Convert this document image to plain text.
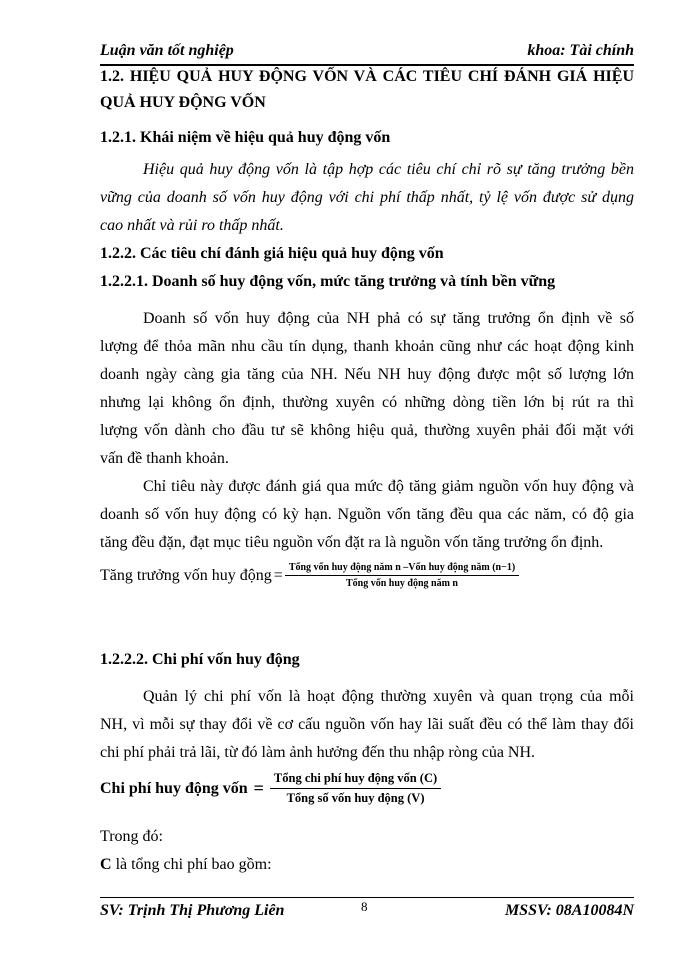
Luận văn tốt nghiệp	khoa: Tài chính
1.2. HIỆU QUẢ HUY ĐỘNG VỐN VÀ CÁC TIÊU CHÍ ĐÁNH GIÁ HIỆU
QUẢ HUY ĐỘNG VỐN
1.2.1. Khái niệm về hiệu quả huy động vốn
Hiệu quả huy động vốn là tập hợp các tiêu chí chỉ rõ sự tăng trưởng bền
vững của doanh số vốn huy động với chi phí thấp nhất, tỷ lệ vốn được sử dụng
cao nhất và rủi ro thấp nhất.
1.2.2. Các tiêu chí đánh giá hiệu quả huy động vốn
1.2.2.1. Doanh số huy động vốn, mức tăng trưởng và tính bền vững
Doanh số vốn huy động của NH phả có sự tăng trưởng ổn định về số
lượng để thỏa mãn nhu cầu tín dụng, thanh khoản cũng như các hoạt động kinh
doanh ngày càng gia tăng của NH. Nếu NH huy động được một số lượng lớn
nhưng lại không ổn định, thường xuyên có những dòng tiền lớn bị rút ra thì
lượng vốn dành cho đầu tư sẽ không hiệu quả, thường xuyên phải đối mặt với
vấn đề thanh khoản.
Chỉ tiêu này được đánh giá qua mức độ tăng giảm nguồn vốn huy động và
doanh số vốn huy động có kỳ hạn. Nguồn vốn tăng đều qua các năm, có độ gia
tăng đều đặn, đạt mục tiêu nguồn vốn đặt ra là nguồn vốn tăng trưởng ổn định.
Tăng trưởng vốn huy động = $\frac{\text{Tổng vốn huy động năm n –Vốn huy động năm (n−1)}}{\text{Tổng vốn huy động năm n}}$
1.2.2.2. Chi phí vốn huy động
Quản lý chi phí vốn là hoạt động thường xuyên và quan trọng của mỗi
NH, vì mỗi sự thay đổi về cơ cấu nguồn vốn hay lãi suất đều có thể làm thay đổi
chi phí phải trả lãi, từ đó làm ảnh hưởng đến thu nhập ròng của NH.
Chi phí huy động vốn = $\frac{\text{Tổng chi phí huy động vốn (C)}}{\text{Tổng số vốn huy động (V)}}$
Trong đó:
C là tổng chi phí bao gồm:
SV: Trịnh Thị Phương Liên	MSSV: 08A10084N
8
